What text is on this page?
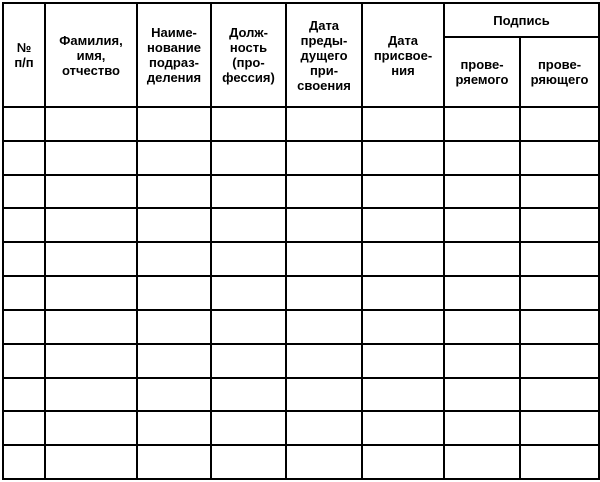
№
п/п	Фамилия,
имя,
отчество	Наиме-
нование
подраз-
деления	Долж-
ность
(про-
фессия)	Дата
преды-
дущего
при-
своения	Дата
присвое-
ния	Подпись	

						прове-
ряемого	прове-
ряющего
